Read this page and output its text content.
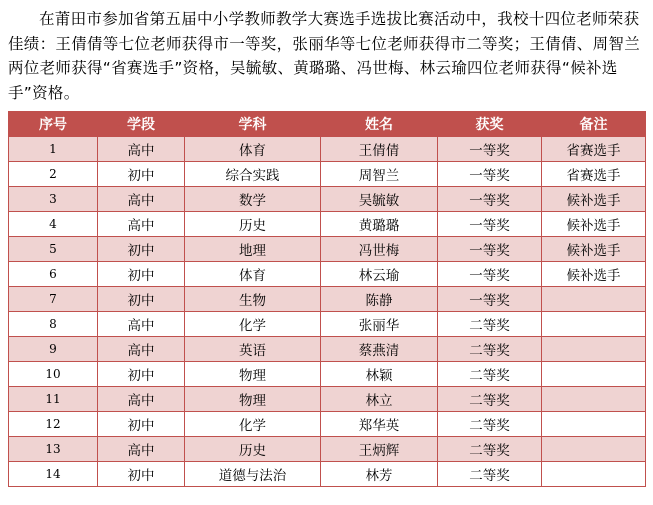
在莆田市参加省第五届中小学教师教学大赛选手选拔比赛活动中，我校十四位老师荣获佳绩：王倩倩等七位老师获得市一等奖，张丽华等七位老师获得市二等奖；王倩倩、周智兰两位老师获得“省赛选手”资格，吴毓敏、黄璐璐、冯世梅、林云瑜四位老师获得“候补选手”资格。

序号	学段	学科	姓名	获奖	备注
1	高中	体育	王倩倩	一等奖	省赛选手
2	初中	综合实践	周智兰	一等奖	省赛选手
3	高中	数学	吴毓敏	一等奖	候补选手
4	高中	历史	黄璐璐	一等奖	候补选手
5	初中	地理	冯世梅	一等奖	候补选手
6	初中	体育	林云瑜	一等奖	候补选手
7	初中	生物	陈静	一等奖	
8	高中	化学	张丽华	二等奖	
9	高中	英语	蔡燕清	二等奖	
10	初中	物理	林颖	二等奖	
11	高中	物理	林立	二等奖	
12	初中	化学	郑华英	二等奖	
13	高中	历史	王炳辉	二等奖	
14	初中	道德与法治	林芳	二等奖	
